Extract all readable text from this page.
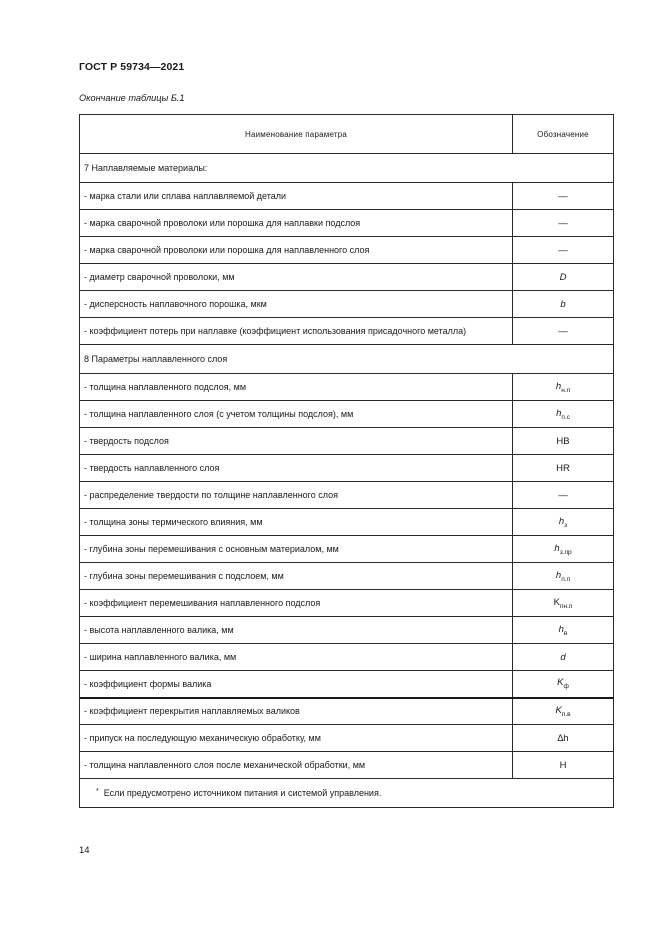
ГОСТ Р 59734—2021
Окончание таблицы Б.1
Наименование параметра	Обозначение
7 Наплавляемые материалы:	
- марка стали или сплава наплавляемой детали	—
- марка сварочной проволоки или порошка для наплавки подслоя	—
- марка сварочной проволоки или порошка для наплавленного слоя	—
- диаметр сварочной проволоки, мм	D
- дисперсность наплавочного порошка, мкм	b
- коэффициент потерь при наплавке (коэффициент использования присадочного металла)	—
8 Параметры наплавленного слоя	
- толщина наплавленного подслоя, мм	$h_{н.п}$
- толщина наплавленного слоя (с учетом толщины подслоя), мм	$h_{п.с}$
- твердость подслоя	HB
- твердость наплавленного слоя	HR
- распределение твердости по толщине наплавленного слоя	—
- толщина зоны термического влияния, мм	$h_з$
- глубина зоны перемешивания с основным материалом, мм	$h_{з.пр}$
- глубина зоны перемешивания с подслоем, мм	$h_{п.п}$
- коэффициент перемешивания наплавленного подслоя	$K_{пн.п}$
- высота наплавленного валика, мм	$h_в$
- ширина наплавленного валика, мм	d
- коэффициент формы валика	$K_ф$
- коэффициент перекрытия наплавляемых валиков	$K_{п.в}$
- припуск на последующую механическую обработку, мм	∆h
- толщина наплавленного слоя после механической обработки, мм	H
* Если предусмотрено источником питания и системой управления.	
14
